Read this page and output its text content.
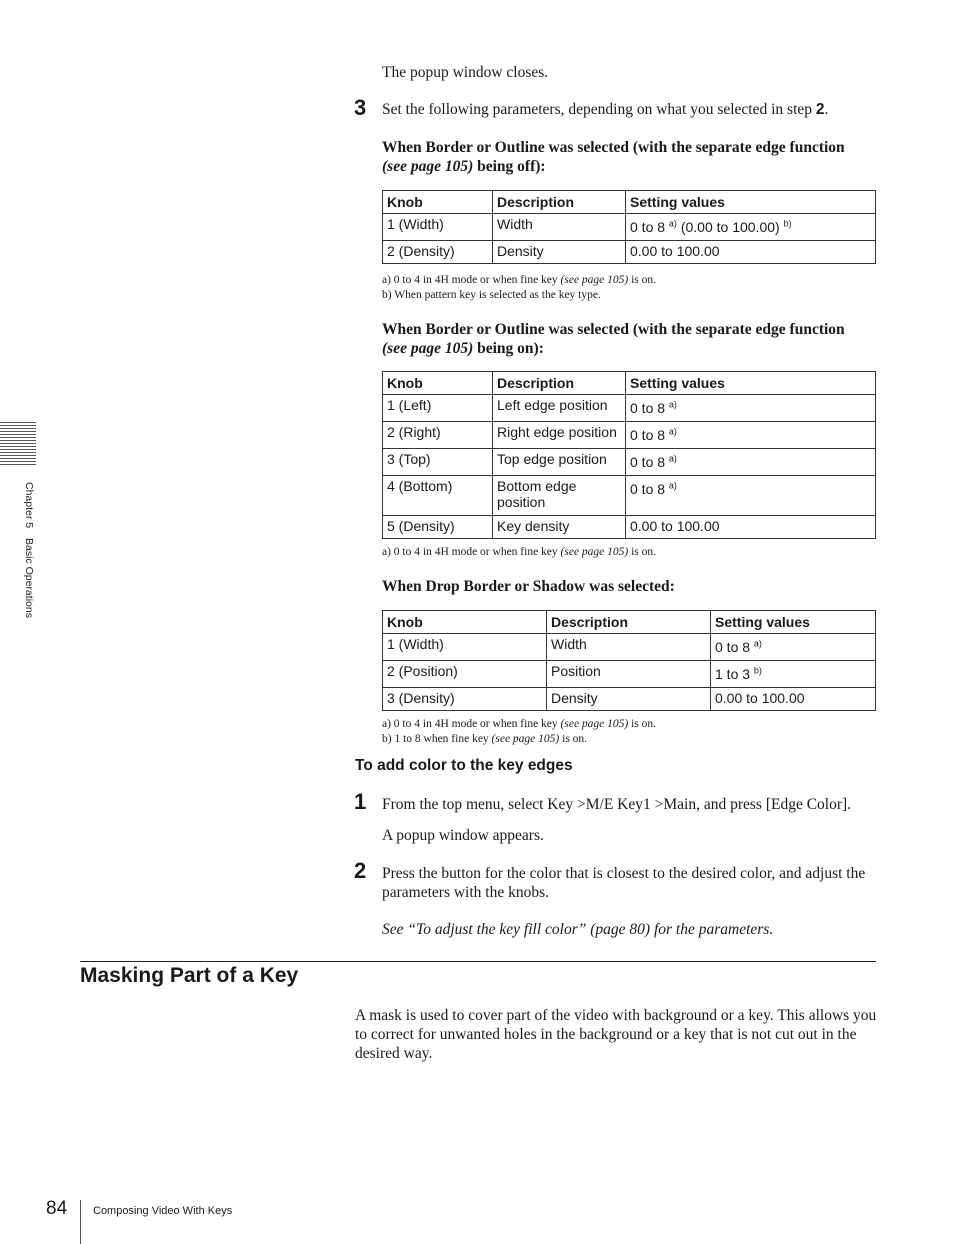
The popup window closes.
3 Set the following parameters, depending on what you selected in step 2.
When Border or Outline was selected (with the separate edge function
(see page 105) being off):
Knob	Description	Setting values
1 (Width)	Width	0 to 8 $^{a)}$ (0.00 to 100.00) $^{b)}$
2 (Density)	Density	0.00 to 100.00
a) 0 to 4 in 4H mode or when fine key (see page 105) is on.
b) When pattern key is selected as the key type.
When Border or Outline was selected (with the separate edge function
(see page 105) being on):
Knob	Description	Setting values
1 (Left)	Left edge position	0 to 8 $^{a)}$
2 (Right)	Right edge position	0 to 8 $^{a)}$
3 (Top)	Top edge position	0 to 8 $^{a)}$
4 (Bottom)	Bottom edge position	0 to 8 $^{a)}$
5 (Density)	Key density	0.00 to 100.00
a) 0 to 4 in 4H mode or when fine key (see page 105) is on.
When Drop Border or Shadow was selected:
Knob	Description	Setting values
1 (Width)	Width	0 to 8 $^{a)}$
2 (Position)	Position	1 to 3 $^{b)}$
3 (Density)	Density	0.00 to 100.00
a) 0 to 4 in 4H mode or when fine key (see page 105) is on.
b) 1 to 8 when fine key (see page 105) is on.
To add color to the key edges
1 From the top menu, select Key >M/E Key1 >Main, and press [Edge Color].
A popup window appears.
2 Press the button for the color that is closest to the desired color, and adjust the parameters with the knobs.
See “To adjust the key fill color” (page 80) for the parameters.
Masking Part of a Key
A mask is used to cover part of the video with background or a key. This allows you to correct for unwanted holes in the background or a key that is not cut out in the desired way.
Chapter 5Basic Operations
84 Composing Video With Keys
